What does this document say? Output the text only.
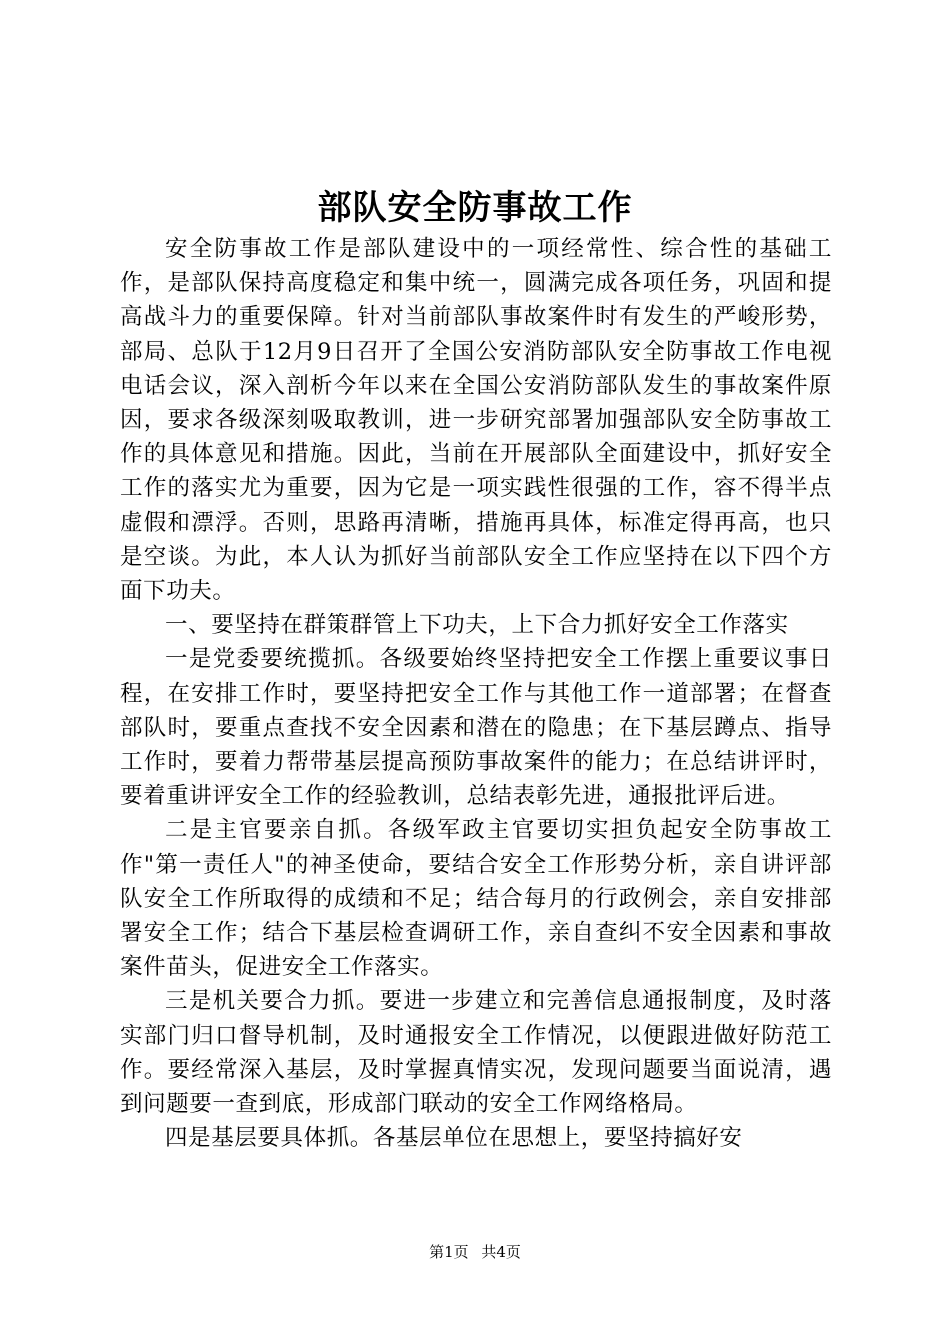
部队安全防事故工作

安全防事故工作是部队建设中的一项经常性、综合性的基础工作，是部队保持高度稳定和集中统一，圆满完成各项任务，巩固和提高战斗力的重要保障。针对当前部队事故案件时有发生的严峻形势，部局、总队于12月9日召开了全国公安消防部队安全防事故工作电视电话会议，深入剖析今年以来在全国公安消防部队发生的事故案件原因，要求各级深刻吸取教训，进一步研究部署加强部队安全防事故工作的具体意见和措施。因此，当前在开展部队全面建设中，抓好安全工作的落实尤为重要，因为它是一项实践性很强的工作，容不得半点虚假和漂浮。否则，思路再清晰，措施再具体，标准定得再高，也只是空谈。为此，本人认为抓好当前部队安全工作应坚持在以下四个方面下功夫。

一、要坚持在群策群管上下功夫，上下合力抓好安全工作落实

一是党委要统揽抓。各级要始终坚持把安全工作摆上重要议事日程，在安排工作时，要坚持把安全工作与其他工作一道部署；在督查部队时，要重点查找不安全因素和潜在的隐患；在下基层蹲点、指导工作时，要着力帮带基层提高预防事故案件的能力；在总结讲评时，要着重讲评安全工作的经验教训，总结表彰先进，通报批评后进。

二是主官要亲自抓。各级军政主官要切实担负起安全防事故工作"第一责任人"的神圣使命，要结合安全工作形势分析，亲自讲评部队安全工作所取得的成绩和不足；结合每月的行政例会，亲自安排部署安全工作；结合下基层检查调研工作，亲自查纠不安全因素和事故案件苗头，促进安全工作落实。

三是机关要合力抓。要进一步建立和完善信息通报制度，及时落实部门归口督导机制，及时通报安全工作情况，以便跟进做好防范工作。要经常深入基层，及时掌握真情实况，发现问题要当面说清，遇到问题要一查到底，形成部门联动的安全工作网络格局。

四是基层要具体抓。各基层单位在思想上，要坚持搞好安

第1页 共4页
